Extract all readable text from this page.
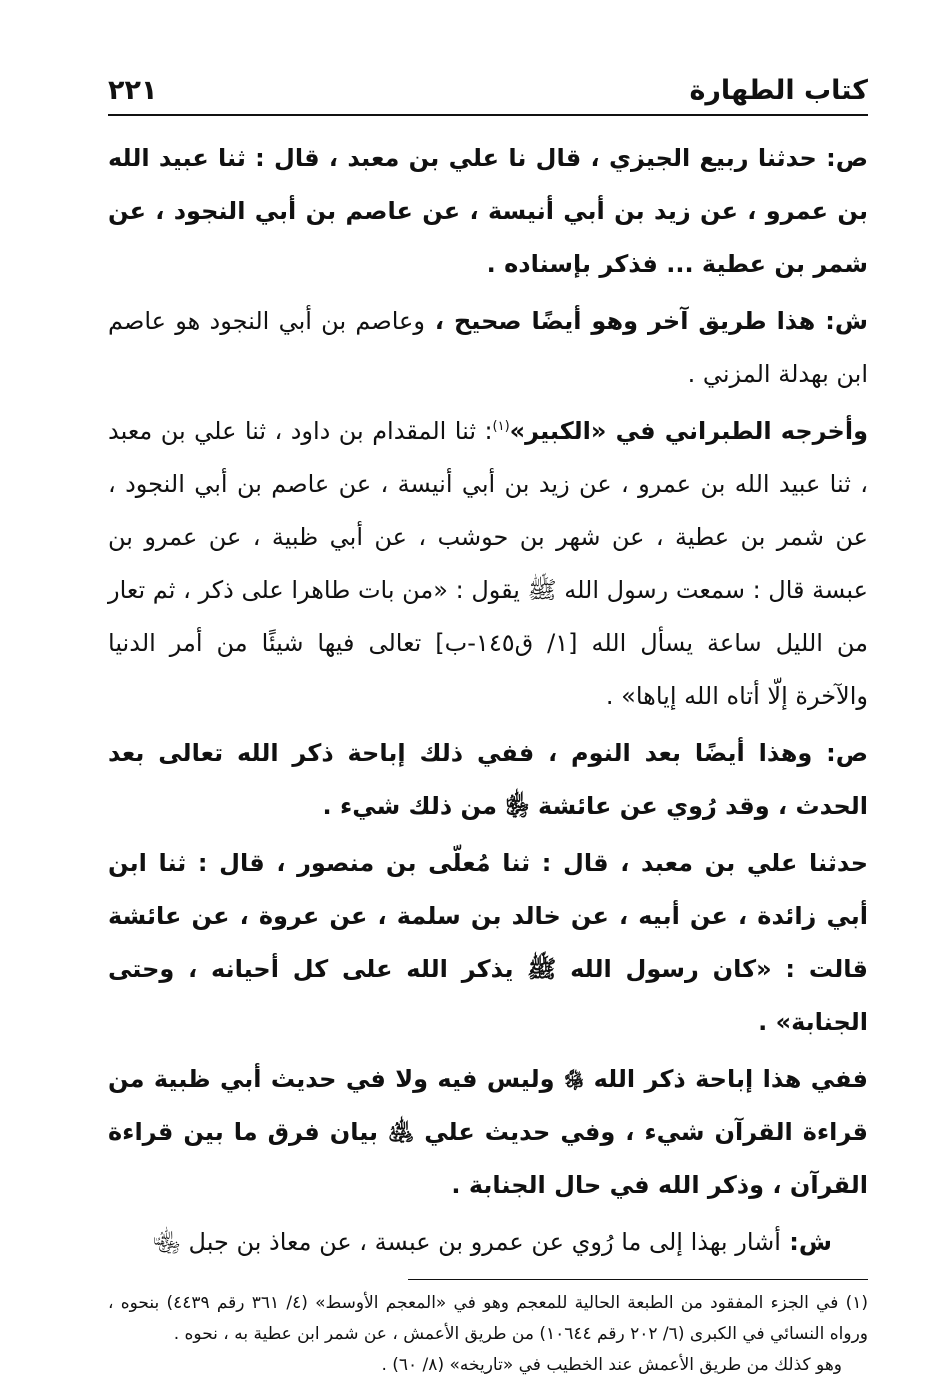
كتاب الطهارة
٢٢١

ص: حدثنا ربيع الجيزي ، قال نا علي بن معبد ، قال : ثنا عبيد الله بن عمرو ، عن زيد بن أبي أنيسة ، عن عاصم بن أبي النجود ، عن شمر بن عطية ... فذكر بإسناده .

ش: هذا طريق آخر وهو أيضًا صحيح ، وعاصم بن أبي النجود هو عاصم ابن بهدلة المزني .

وأخرجه الطبراني في «الكبير»$^{(١)}$: ثنا المقدام بن داود ، ثنا علي بن معبد ، ثنا عبيد الله بن عمرو ، عن زيد بن أبي أنيسة ، عن عاصم بن أبي النجود ، عن شمر بن عطية ، عن شهر بن حوشب ، عن أبي ظبية ، عن عمرو بن عبسة قال : سمعت رسول الله ﷺ يقول : «من بات طاهرا على ذكر ، ثم تعار من الليل ساعة يسأل الله [١/ ق١٤٥-ب] تعالى فيها شيئًا من أمر الدنيا والآخرة إلّا أتاه الله إياها» .

ص: وهذا أيضًا بعد النوم ، ففي ذلك إباحة ذكر الله تعالى بعد الحدث ، وقد رُوي عن عائشة ﵂ من ذلك شيء .

حدثنا علي بن معبد ، قال : ثنا مُعلّى بن منصور ، قال : ثنا ابن أبي زائدة ، عن أبيه ، عن خالد بن سلمة ، عن عروة ، عن عائشة قالت : «كان رسول الله ﷺ يذكر الله على كل أحيانه ، وحتى الجنابة» .

ففي هذا إباحة ذكر الله ﷿ وليس فيه ولا في حديث أبي ظبية من قراءة القرآن شيء ، وفي حديث علي ﵁ بيان فرق ما بين قراءة القرآن ، وذكر الله في حال الجنابة .

ش: أشار بهذا إلى ما رُوي عن عمرو بن عبسة ، عن معاذ بن جبل ﵄

(١) في الجزء المفقود من الطبعة الحالية للمعجم وهو في «المعجم الأوسط» (٤/ ٣٦١ رقم ٤٤٣٩) بنحوه ، ورواه النسائي في الكبرى (٦/ ٢٠٢ رقم ١٠٦٤٤) من طريق الأعمش ، عن شمر ابن عطية به ، نحوه .

وهو كذلك من طريق الأعمش عند الخطيب في «تاريخه» (٨/ ٦٠) .
